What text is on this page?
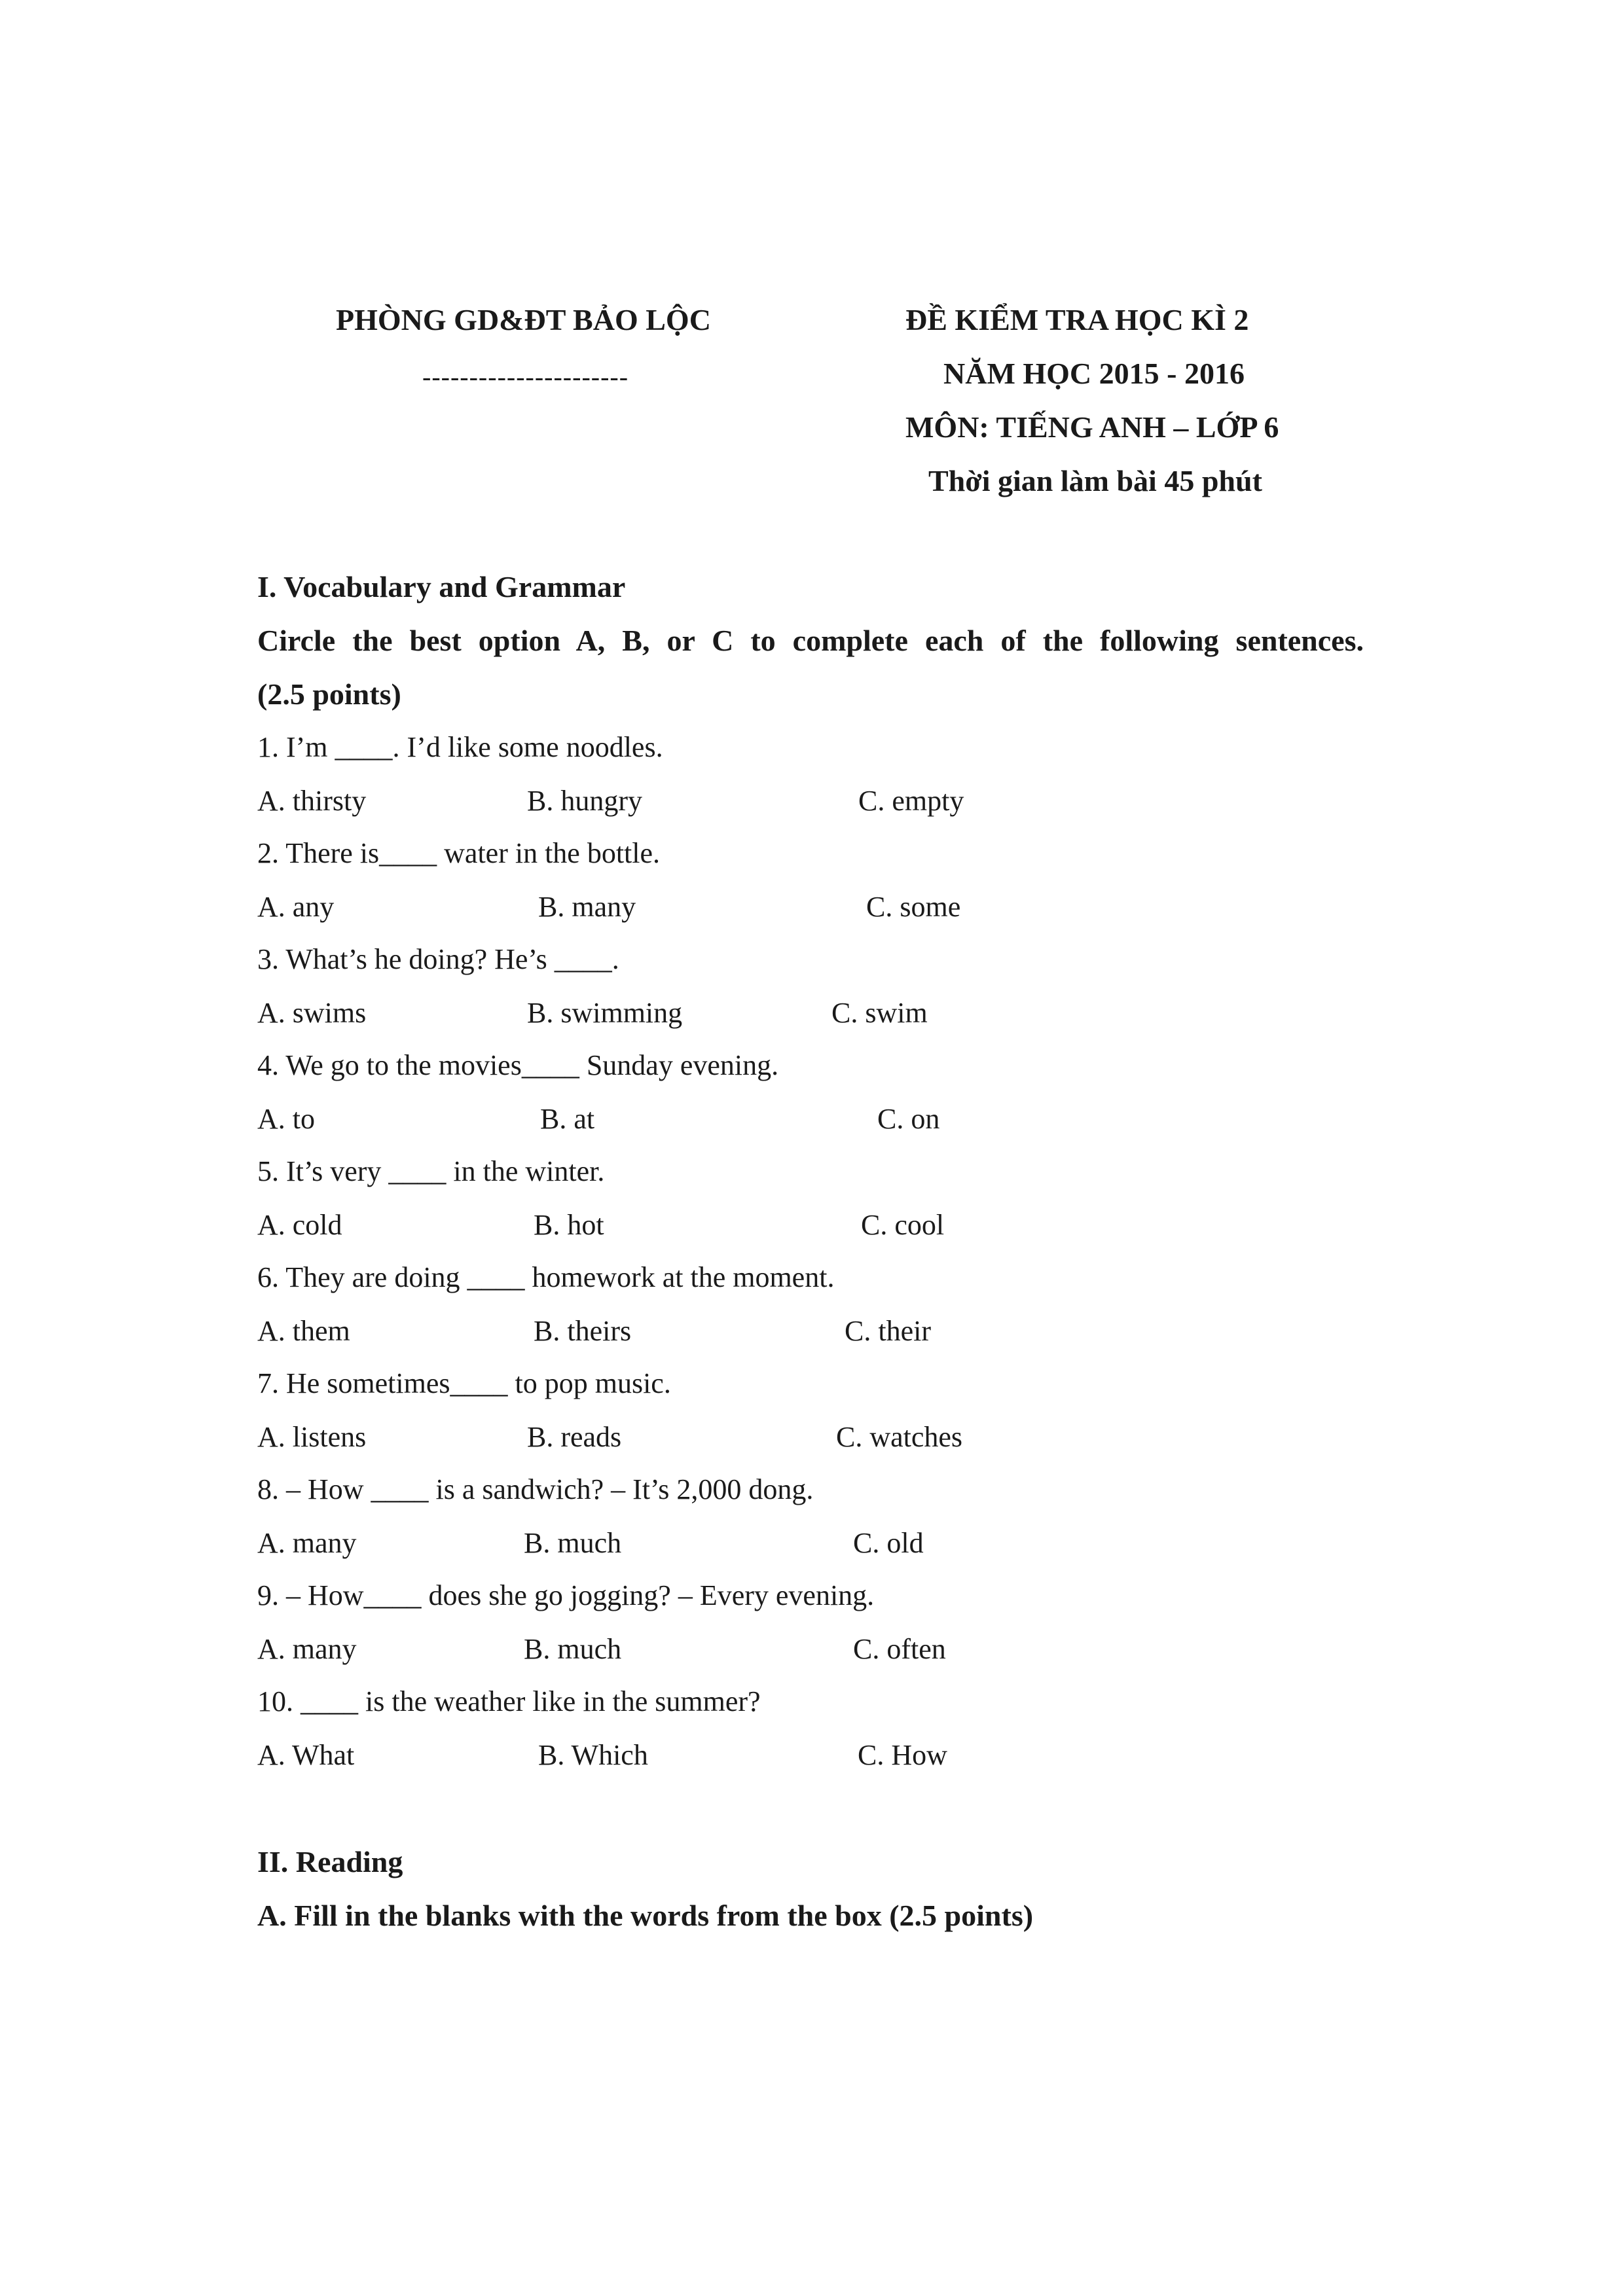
PHÒNG GD&ĐT BẢO LỘC
----------------------
ĐỀ KIỂM TRA HỌC KÌ 2
NĂM HỌC 2015 - 2016
MÔN: TIẾNG ANH – LỚP 6
Thời gian làm bài 45 phút
I. Vocabulary and Grammar
Circle the best option A, B, or C to complete each of the following sentences.
(2.5 points)
1. I’m ____. I’d like some noodles.
A. thirsty	B. hungry	C. empty
2. There is____ water in the bottle.
A. any	B. many	C. some
3. What’s he doing? He’s ____.
A. swims	B. swimming	C. swim
4. We go to the movies____ Sunday evening.
A. to	B. at	C. on
5. It’s very ____ in the winter.
A. cold	B. hot	C. cool
6. They are doing ____ homework at the moment.
A. them	B. theirs	C. their
7. He sometimes____ to pop music.
A. listens	B. reads	C. watches
8. – How ____ is a sandwich? – It’s 2,000 dong.
A. many	B. much	C. old
9. – How____ does she go jogging? – Every evening.
A. many	B. much	C. often
10. ____ is the weather like in the summer?
A. What	B. Which	C. How
II. Reading
A. Fill in the blanks with the words from the box (2.5 points)
